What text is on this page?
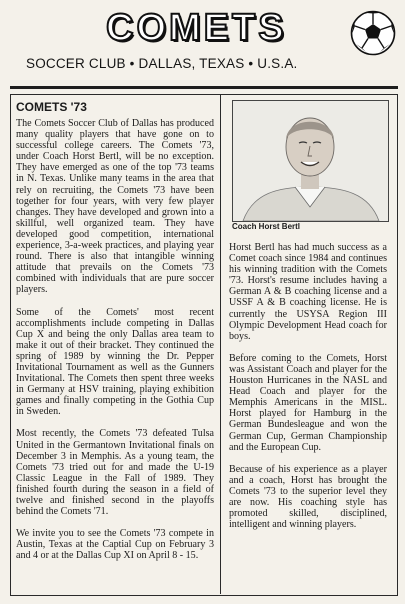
COMETS
SOCCER CLUB • DALLAS, TEXAS • U.S.A.
COMETS '73

The Comets Soccer Club of Dallas has produced many quality players that have gone on to successful college careers. The Comets '73, under Coach Horst Bertl, will be no exception. They have emerged as one of the top '73 teams in N. Texas. Unlike many teams in the area that rely on recruiting, the Comets '73 have been together for four years, with very few player changes. They have developed and grown into a skillful, well organized team. They have developed good competition, international experience, 3-a-week practices, and playing year round. There is also that intangible winning attitude that prevails on the Comets '73 combined with individuals that are pure soccer players.

Some of the Comets' most recent accomplishments include competing in Dallas Cup X and being the only Dallas area team to make it out of their bracket. They continued the spring of 1989 by winning the Dr. Pepper Invitational Tournament as well as the Gunners Invitational. The Comets then spent three weeks in Germany at HSV training, playing exhibition games and finally competing in the Gothia Cup in Sweden.

Most recently, the Comets '73 defeated Tulsa United in the Germantown Invitational finals on December 3 in Memphis. As a young team, the Comets '73 tried out for and made the U-19 Classic League in the Fall of 1989. They finished fourth during the season in a field of twelve and finished second in the playoffs behind the Comets '71.

We invite you to see the Comets '73 compete in Austin, Texas at the Captial Cup on February 3 and 4 or at the Dallas Cup XI on April 8 - 15.

Coach Horst Bertl

Horst Bertl has had much success as a Comet coach since 1984 and continues his winning tradition with the Comets '73. Horst's resume includes having a German A & B coaching license and a USSF A & B coaching license. He is currently the USYSA Region III Olympic Development Head coach for boys.

Before coming to the Comets, Horst was Assistant Coach and player for the Houston Hurricanes in the NASL and Head Coach and player for the Memphis Americans in the MISL. Horst played for Hamburg in the German Bundesleague and won the German Cup, German Championship and the European Cup.

Because of his experience as a player and a coach, Horst has brought the Comets '73 to the superior level they are now. His coaching style has promoted skilled, disciplined, intelligent and winning players.
